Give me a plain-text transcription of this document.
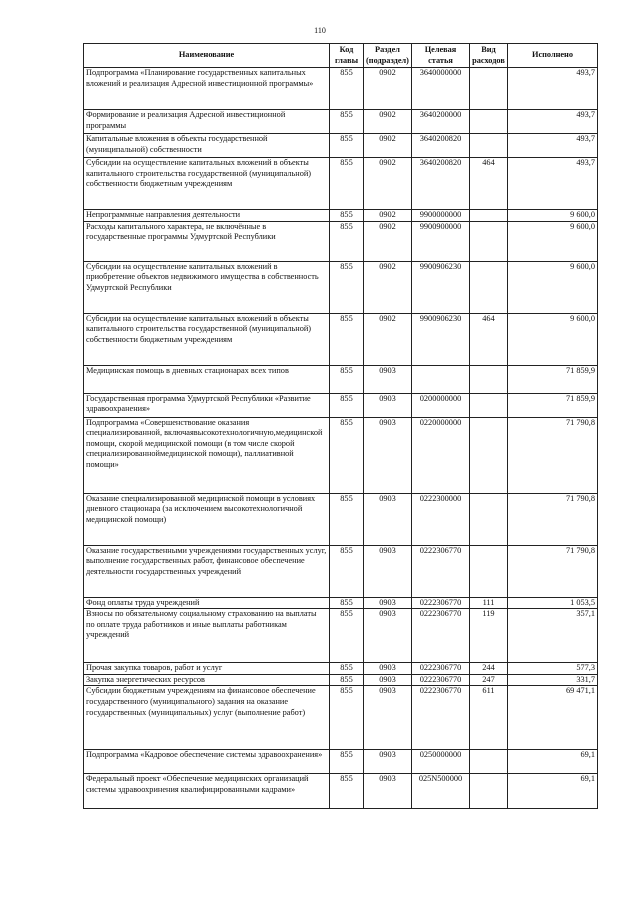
110
Наименование	Код главы	Раздел (подраздел)	Целевая статья	Вид расходов	Исполнено
Подпрограмма «Планирование государственных капитальных вложений и реализация Адресной инвестиционной программы»	855	0902	3640000000		493,7
Формирование и реализация Адресной инвестиционной программы	855	0902	3640200000		493,7
Капитальные вложения в объекты государственной (муниципальной) собственности	855	0902	3640200820		493,7
Субсидии на осуществление капитальных вложений в объекты капитального строительства государственной (муниципальной) собственности бюджетным учреждениям	855	0902	3640200820	464	493,7
Непрограммные направления деятельности	855	0902	9900000000		9 600,0
Расходы капитального характера, не включённые в государственные программы Удмуртской Республики	855	0902	9900900000		9 600,0
Субсидии на осуществление капитальных вложений в приобретение объектов недвижимого имущества в собственность Удмуртской Республики	855	0902	9900906230		9 600,0
Субсидии на осуществление капитальных вложений в объекты капитального строительства государственной (муниципальной) собственности бюджетным учреждениям	855	0902	9900906230	464	9 600,0
Медицинская помощь в дневных стационарах всех типов	855	0903			71 859,9
Государственная программа Удмуртской Республики «Развитие здравоохранения»	855	0903	0200000000		71 859,9
Подпрограмма «Совершенствование оказания специализированной, включаявысокотехнологичную,медицинской помощи, скорой медицинской помощи (в том числе скорой специализированноймедицинской помощи), паллиативной помощи»	855	0903	0220000000		71 790,8
Оказание специализированной медицинской помощи в условиях дневного стационара (за исключением высокотехнологичной медицинской помощи)	855	0903	0222300000		71 790,8
Оказание государственными учреждениями государственных услуг, выполнение государственных работ, финансовое обеспечение деятельности государственных учреждений	855	0903	0222306770		71 790,8
Фонд оплаты труда учреждений	855	0903	0222306770	111	1 053,5
Взносы по обязательному социальному страхованию на выплаты по оплате труда работников и иные выплаты работникам учреждений	855	0903	0222306770	119	357,1
Прочая закупка товаров, работ и услуг	855	0903	0222306770	244	577,3
Закупка энергетических ресурсов	855	0903	0222306770	247	331,7
Субсидии бюджетным учреждениям на финансовое обеспечение государственного (муниципального) задания на оказание государственных (муниципальных) услуг (выполнение работ)	855	0903	0222306770	611	69 471,1
Подпрограмма «Кадровое обеспечение системы здравоохранения»	855	0903	0250000000		69,1
Федеральный проект «Обеспечение медицинских организаций системы здравоохринения квалифицированными кадрами»	855	0903	025N500000		69,1
